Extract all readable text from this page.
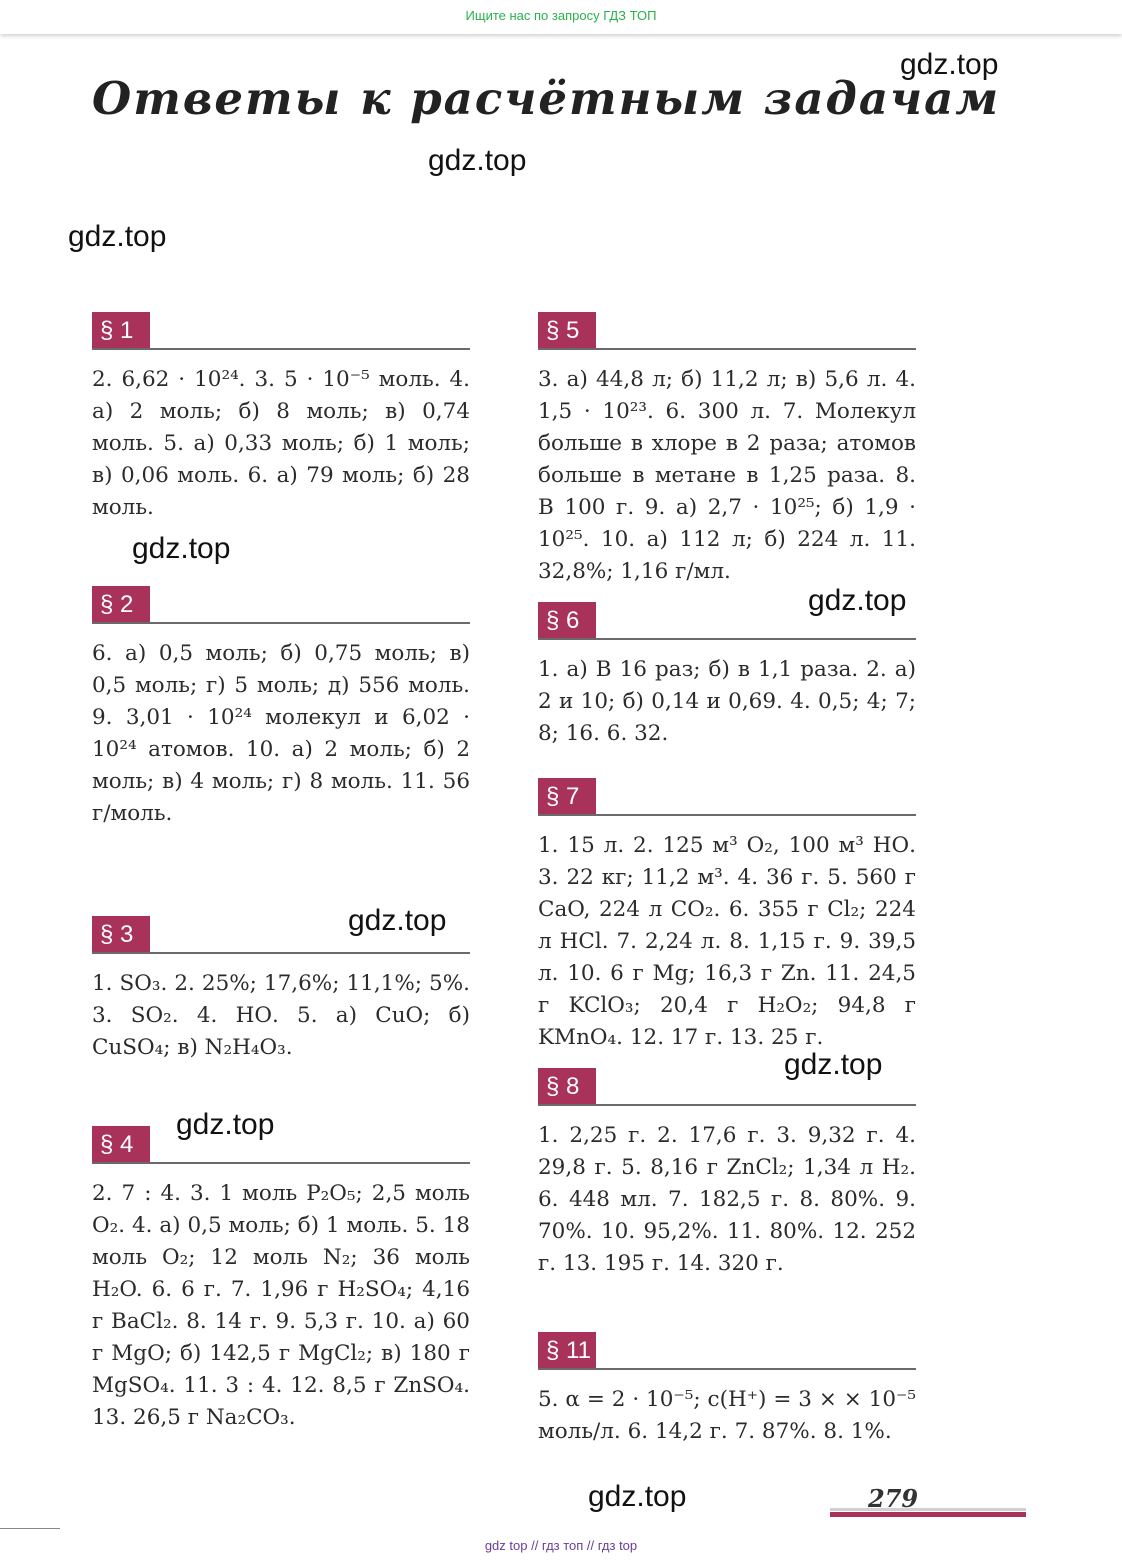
Ищите нас по запросу ГДЗ ТОП
Ответы к расчётным задачам
gdz.top
gdz.top
gdz.top
gdz.top
gdz.top
gdz.top
gdz.top
gdz.top
gdz.top
§ 1
2. 6,62 · 10²⁴. 3. 5 · 10⁻⁵ моль. 4. а) 2 моль; б) 8 моль; в) 0,74 моль. 5. а) 0,33 моль; б) 1 моль; в) 0,06 моль. 6. а) 79 моль; б) 28 моль.
§ 2
6. а) 0,5 моль; б) 0,75 моль; в) 0,5 моль; г) 5 моль; д) 556 моль. 9. 3,01 · 10²⁴ молекул и 6,02 · 10²⁴ атомов. 10. а) 2 моль; б) 2 моль; в) 4 моль; г) 8 моль. 11. 56 г/моль.
§ 3
1. SO₃. 2. 25%; 17,6%; 11,1%; 5%. 3. SO₂. 4. НО. 5. а) CuO; б) CuSO₄; в) N₂H₄O₃.
§ 4
2. 7 : 4. 3. 1 моль P₂O₅; 2,5 моль O₂. 4. а) 0,5 моль; б) 1 моль. 5. 18 моль O₂; 12 моль N₂; 36 моль H₂O. 6. 6 г. 7. 1,96 г H₂SO₄; 4,16 г BaCl₂. 8. 14 г. 9. 5,3 г. 10. а) 60 г MgO; б) 142,5 г MgCl₂; в) 180 г MgSO₄. 11. 3 : 4. 12. 8,5 г ZnSO₄. 13. 26,5 г Na₂CO₃.
§ 5
3. а) 44,8 л; б) 11,2 л; в) 5,6 л. 4. 1,5 · 10²³. 6. 300 л. 7. Молекул больше в хлоре в 2 раза; атомов больше в метане в 1,25 раза. 8. В 100 г. 9. а) 2,7 · 10²⁵; б) 1,9 · 10²⁵. 10. а) 112 л; б) 224 л. 11. 32,8%; 1,16 г/мл.
§ 6
1. а) В 16 раз; б) в 1,1 раза. 2. а) 2 и 10; б) 0,14 и 0,69. 4. 0,5; 4; 7; 8; 16. 6. 32.
§ 7
1. 15 л. 2. 125 м³ O₂, 100 м³ НО. 3. 22 кг; 11,2 м³. 4. 36 г. 5. 560 г CaO, 224 л CO₂. 6. 355 г Cl₂; 224 л HCl. 7. 2,24 л. 8. 1,15 г. 9. 39,5 л. 10. 6 г Mg; 16,3 г Zn. 11. 24,5 г KClO₃; 20,4 г H₂O₂; 94,8 г KMnO₄. 12. 17 г. 13. 25 г.
§ 8
1. 2,25 г. 2. 17,6 г. 3. 9,32 г. 4. 29,8 г. 5. 8,16 г ZnCl₂; 1,34 л H₂. 6. 448 мл. 7. 182,5 г. 8. 80%. 9. 70%. 10. 95,2%. 11. 80%. 12. 252 г. 13. 195 г. 14. 320 г.
§ 11
5. α = 2 · 10⁻⁵; c(H⁺) = 3 × × 10⁻⁵ моль/л. 6. 14,2 г. 7. 87%. 8. 1%.
279
gdz top // гдз топ // гдз top
